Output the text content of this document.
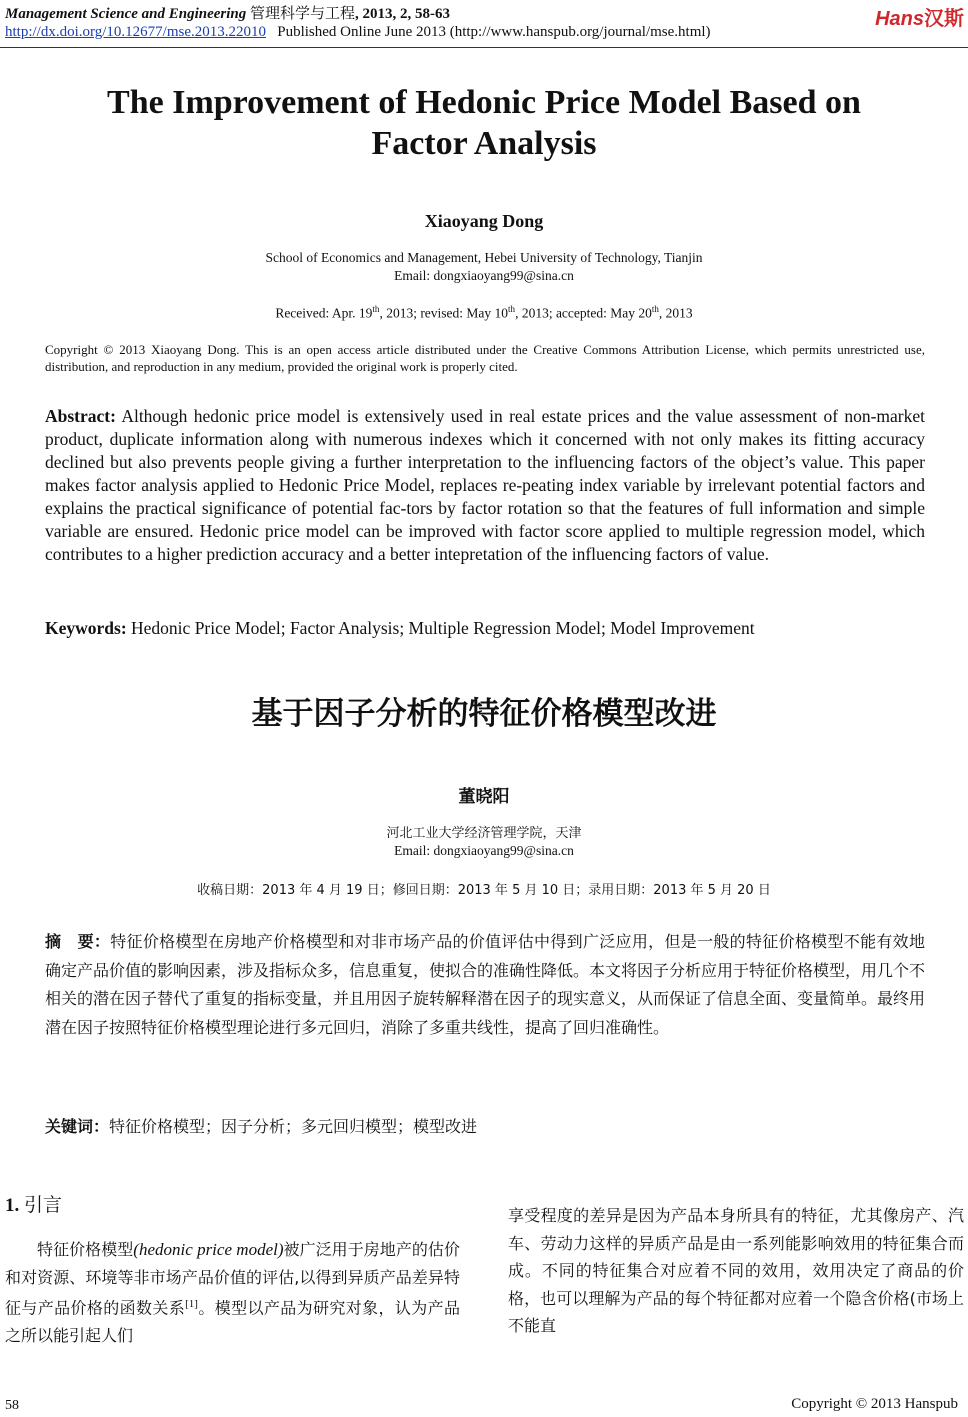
Management Science and Engineering 管理科学与工程, 2013, 2, 58-63
http://dx.doi.org/10.12677/mse.2013.22010 Published Online June 2013 (http://www.hanspub.org/journal/mse.html)
Hans汉斯
The Improvement of Hedonic Price Model Based on
Factor Analysis
Xiaoyang Dong
School of Economics and Management, Hebei University of Technology, Tianjin
Email: dongxiaoyang99@sina.cn
Received: Apr. 19th, 2013; revised: May 10th, 2013; accepted: May 20th, 2013
Copyright © 2013 Xiaoyang Dong. This is an open access article distributed under the Creative Commons Attribution License, which permits unrestricted use, distribution, and reproduction in any medium, provided the original work is properly cited.
Abstract: Although hedonic price model is extensively used in real estate prices and the value assessment of non-market product, duplicate information along with numerous indexes which it concerned with not only makes its fitting accuracy declined but also prevents people giving a further interpretation to the influencing factors of the object’s value. This paper makes factor analysis applied to Hedonic Price Model, replaces re-peating index variable by irrelevant potential factors and explains the practical significance of potential fac-tors by factor rotation so that the features of full information and simple variable are ensured. Hedonic price model can be improved with factor score applied to multiple regression model, which contributes to a higher prediction accuracy and a better intepretation of the influencing factors of value.
Keywords: Hedonic Price Model; Factor Analysis; Multiple Regression Model; Model Improvement
基于因子分析的特征价格模型改进
董晓阳
河北工业大学经济管理学院，天津
Email: dongxiaoyang99@sina.cn
收稿日期：2013 年 4 月 19 日；修回日期：2013 年 5 月 10 日；录用日期：2013 年 5 月 20 日
摘　要：特征价格模型在房地产价格模型和对非市场产品的价值评估中得到广泛应用，但是一般的特征价格模型不能有效地确定产品价值的影响因素，涉及指标众多，信息重复，使拟合的准确性降低。本文将因子分析应用于特征价格模型，用几个不相关的潜在因子替代了重复的指标变量，并且用因子旋转解释潜在因子的现实意义，从而保证了信息全面、变量简单。最终用潜在因子按照特征价格模型理论进行多元回归，消除了多重共线性，提高了回归准确性。
关键词：特征价格模型；因子分析；多元回归模型；模型改进
1. 引言
特征价格模型(hedonic price model)被广泛用于房地产的估价和对资源、环境等非市场产品价值的评估,以得到异质产品差异特征与产品价格的函数关系[1]。模型以产品为研究对象，认为产品之所以能引起人们
享受程度的差异是因为产品本身所具有的特征，尤其像房产、汽车、劳动力这样的异质产品是由一系列能影响效用的特征集合而成。不同的特征集合对应着不同的效用，效用决定了商品的价格，也可以理解为产品的每个特征都对应着一个隐含价格(市场上不能直
58	Copyright © 2013 Hanspub
